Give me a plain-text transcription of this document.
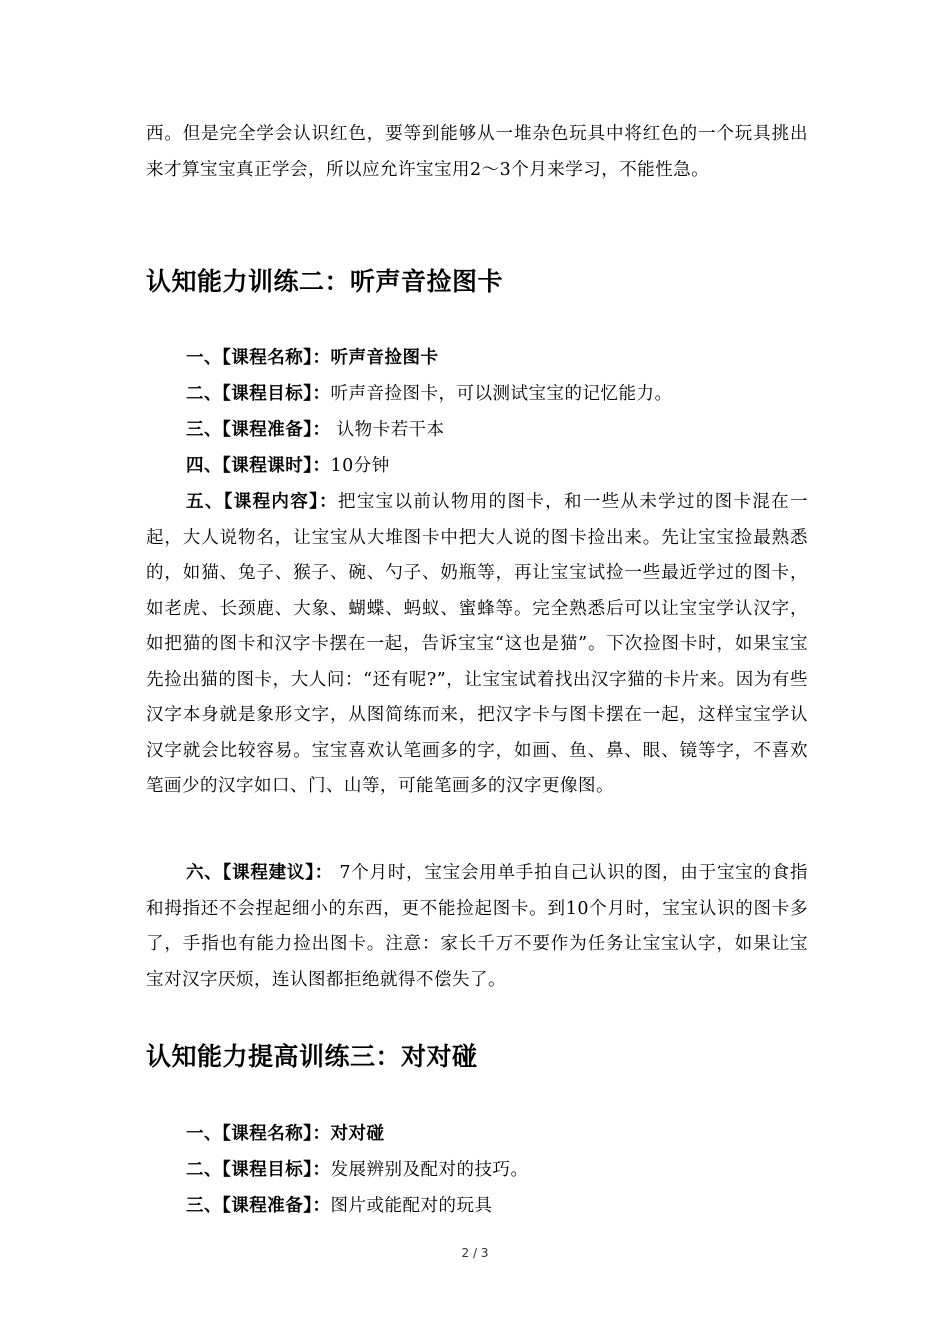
西。但是完全学会认识红色，要等到能够从一堆杂色玩具中将红色的一个玩具挑出来才算宝宝真正学会，所以应允许宝宝用2～3个月来学习，不能性急。

认知能力训练二：听声音捡图卡

一、【课程名称】：听声音捡图卡

二、【课程目标】：听声音捡图卡，可以测试宝宝的记忆能力。

三、【课程准备】： 认物卡若干本

四、【课程课时】：10分钟

五、【课程内容】：把宝宝以前认物用的图卡，和一些从未学过的图卡混在一起，大人说物名，让宝宝从大堆图卡中把大人说的图卡捡出来。先让宝宝捡最熟悉的，如猫、兔子、猴子、碗、勺子、奶瓶等，再让宝宝试捡一些最近学过的图卡，如老虎、长颈鹿、大象、蝴蝶、蚂蚁、蜜蜂等。完全熟悉后可以让宝宝学认汉字，如把猫的图卡和汉字卡摆在一起，告诉宝宝“这也是猫”。下次捡图卡时，如果宝宝先捡出猫的图卡，大人问：“还有呢?”，让宝宝试着找出汉字猫的卡片来。因为有些汉字本身就是象形文字，从图简练而来，把汉字卡与图卡摆在一起，这样宝宝学认汉字就会比较容易。宝宝喜欢认笔画多的字，如画、鱼、鼻、眼、镜等字，不喜欢笔画少的汉字如口、门、山等，可能笔画多的汉字更像图。

六、【课程建议】： 7个月时，宝宝会用单手拍自己认识的图，由于宝宝的食指和拇指还不会捏起细小的东西，更不能捡起图卡。到10个月时，宝宝认识的图卡多了，手指也有能力捡出图卡。注意：家长千万不要作为任务让宝宝认字，如果让宝宝对汉字厌烦，连认图都拒绝就得不偿失了。

认知能力提高训练三：对对碰

一、【课程名称】：对对碰

二、【课程目标】：发展辨别及配对的技巧。

三、【课程准备】：图片或能配对的玩具

2 / 3
